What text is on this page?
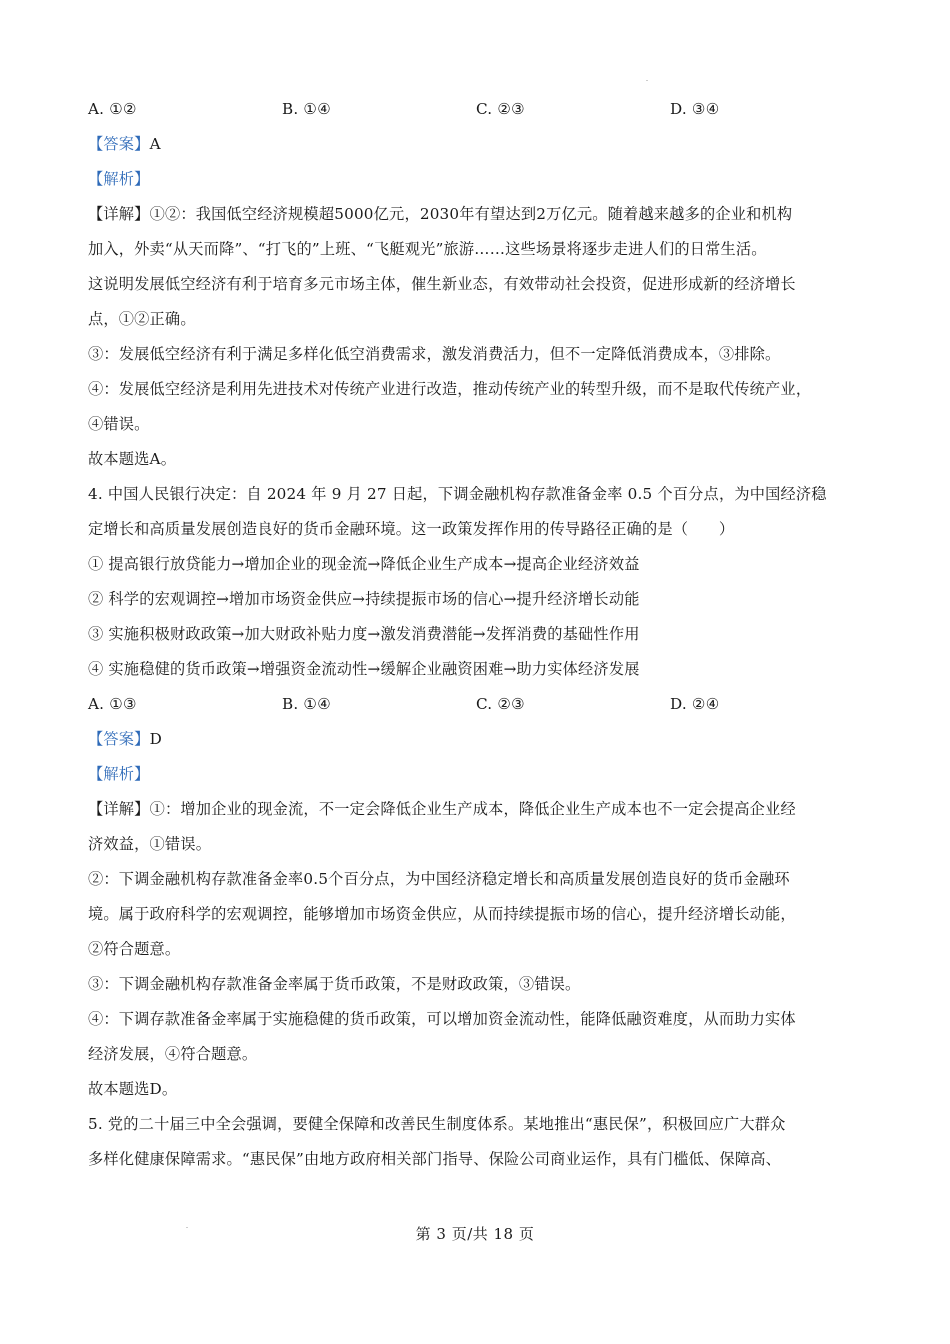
A. ①②	B. ①④	C. ②③	D. ③④
【答案】A
【解析】
【详解】①②：我国低空经济规模超5000亿元，2030年有望达到2万亿元。随着越来越多的企业和机构
加入，外卖“从天而降”、“打飞的”上班、“飞艇观光”旅游……这些场景将逐步走进人们的日常生活。
这说明发展低空经济有利于培育多元市场主体，催生新业态，有效带动社会投资，促进形成新的经济增长
点，①②正确。
③：发展低空经济有利于满足多样化低空消费需求，激发消费活力，但不一定降低消费成本，③排除。
④：发展低空经济是利用先进技术对传统产业进行改造，推动传统产业的转型升级，而不是取代传统产业，
④错误。
故本题选A。
4. 中国人民银行决定：自 2024 年 9 月 27 日起，下调金融机构存款准备金率 0.5 个百分点，为中国经济稳
定增长和高质量发展创造良好的货币金融环境。这一政策发挥作用的传导路径正确的是（　　）
① 提高银行放贷能力→增加企业的现金流→降低企业生产成本→提高企业经济效益
② 科学的宏观调控→增加市场资金供应→持续提振市场的信心→提升经济增长动能
③ 实施积极财政政策→加大财政补贴力度→激发消费潜能→发挥消费的基础性作用
④ 实施稳健的货币政策→增强资金流动性→缓解企业融资困难→助力实体经济发展
A. ①③	B. ①④	C. ②③	D. ②④
【答案】D
【解析】
【详解】①：增加企业的现金流，不一定会降低企业生产成本，降低企业生产成本也不一定会提高企业经
济效益，①错误。
②：下调金融机构存款准备金率0.5个百分点，为中国经济稳定增长和高质量发展创造良好的货币金融环
境。属于政府科学的宏观调控，能够增加市场资金供应，从而持续提振市场的信心，提升经济增长动能，
②符合题意。
③：下调金融机构存款准备金率属于货币政策，不是财政政策，③错误。
④：下调存款准备金率属于实施稳健的货币政策，可以增加资金流动性，能降低融资难度，从而助力实体
经济发展，④符合题意。
故本题选D。
5. 党的二十届三中全会强调，要健全保障和改善民生制度体系。某地推出“惠民保”，积极回应广大群众
多样化健康保障需求。“惠民保”由地方政府相关部门指导、保险公司商业运作，具有门槛低、保障高、
第 3 页/共 18 页
